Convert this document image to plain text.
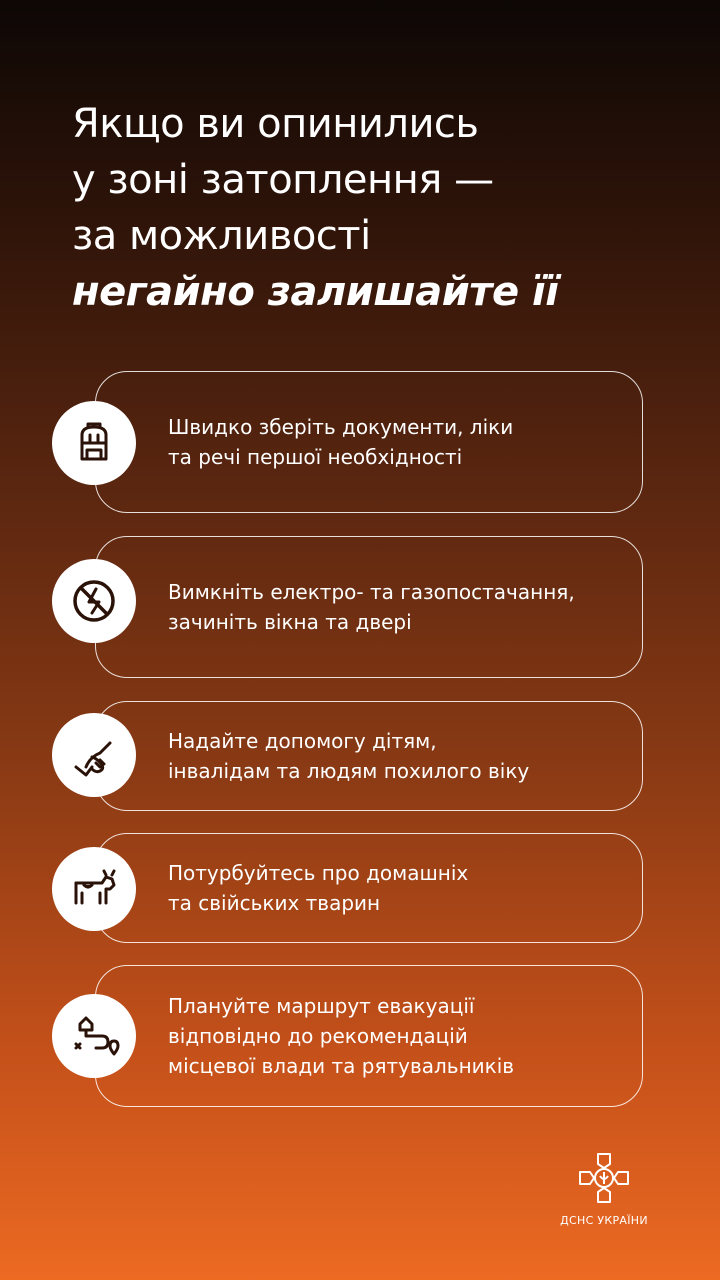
Якщо ви опинились
у зоні затоплення —
за можливості
негайно залишайте її
Швидко зберіть документи, ліки
та речі першої необхідності
Вимкніть електро- та газопостачання,
зачиніть вікна та двері
Надайте допомогу дітям,
інвалідам та людям похилого віку
Потурбуйтесь про домашніх
та свійських тварин
Плануйте маршрут евакуації
відповідно до рекомендацій
місцевої влади та рятувальників
ДСНС УКРАЇНИ
